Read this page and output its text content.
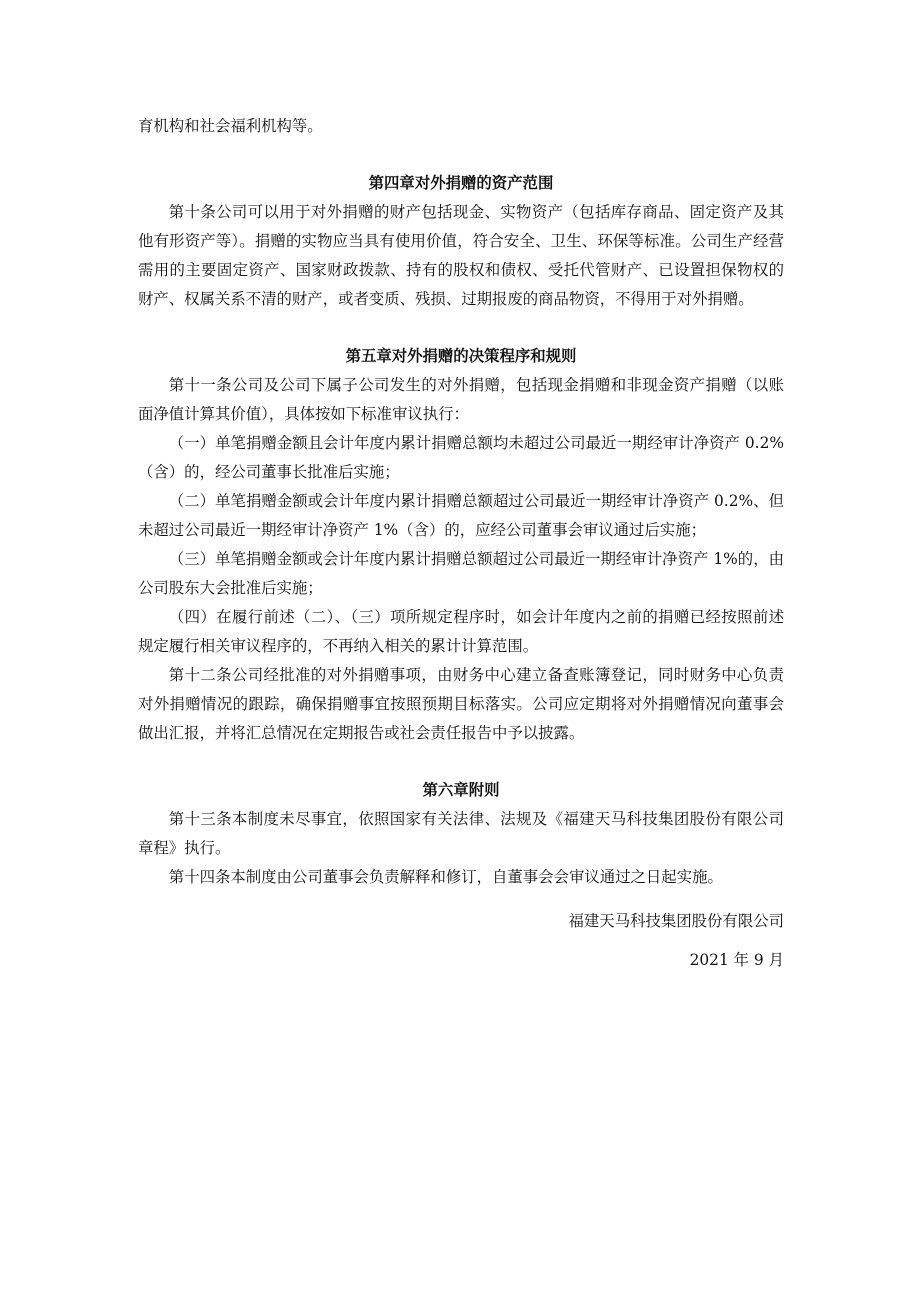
育机构和社会福利机构等。

第四章对外捐赠的资产范围

第十条公司可以用于对外捐赠的财产包括现金、实物资产（包括库存商品、固定资产及其他有形资产等）。捐赠的实物应当具有使用价值，符合安全、卫生、环保等标准。公司生产经营需用的主要固定资产、国家财政拨款、持有的股权和债权、受托代管财产、已设置担保物权的财产、权属关系不清的财产，或者变质、残损、过期报废的商品物资，不得用于对外捐赠。

第五章对外捐赠的决策程序和规则

第十一条公司及公司下属子公司发生的对外捐赠，包括现金捐赠和非现金资产捐赠（以账面净值计算其价值），具体按如下标准审议执行：

（一）单笔捐赠金额且会计年度内累计捐赠总额均未超过公司最近一期经审计净资产 0.2%（含）的，经公司董事长批准后实施；

（二）单笔捐赠金额或会计年度内累计捐赠总额超过公司最近一期经审计净资产 0.2%、但未超过公司最近一期经审计净资产 1%（含）的，应经公司董事会审议通过后实施；

（三）单笔捐赠金额或会计年度内累计捐赠总额超过公司最近一期经审计净资产 1%的，由公司股东大会批准后实施；

（四）在履行前述（二）、（三）项所规定程序时，如会计年度内之前的捐赠已经按照前述规定履行相关审议程序的，不再纳入相关的累计计算范围。

第十二条公司经批准的对外捐赠事项，由财务中心建立备查账簿登记，同时财务中心负责对外捐赠情况的跟踪，确保捐赠事宜按照预期目标落实。公司应定期将对外捐赠情况向董事会做出汇报，并将汇总情况在定期报告或社会责任报告中予以披露。

第六章附则

第十三条本制度未尽事宜，依照国家有关法律、法规及《福建天马科技集团股份有限公司章程》执行。

第十四条本制度由公司董事会负责解释和修订，自董事会会审议通过之日起实施。

福建天马科技集团股份有限公司

2021 年 9 月
